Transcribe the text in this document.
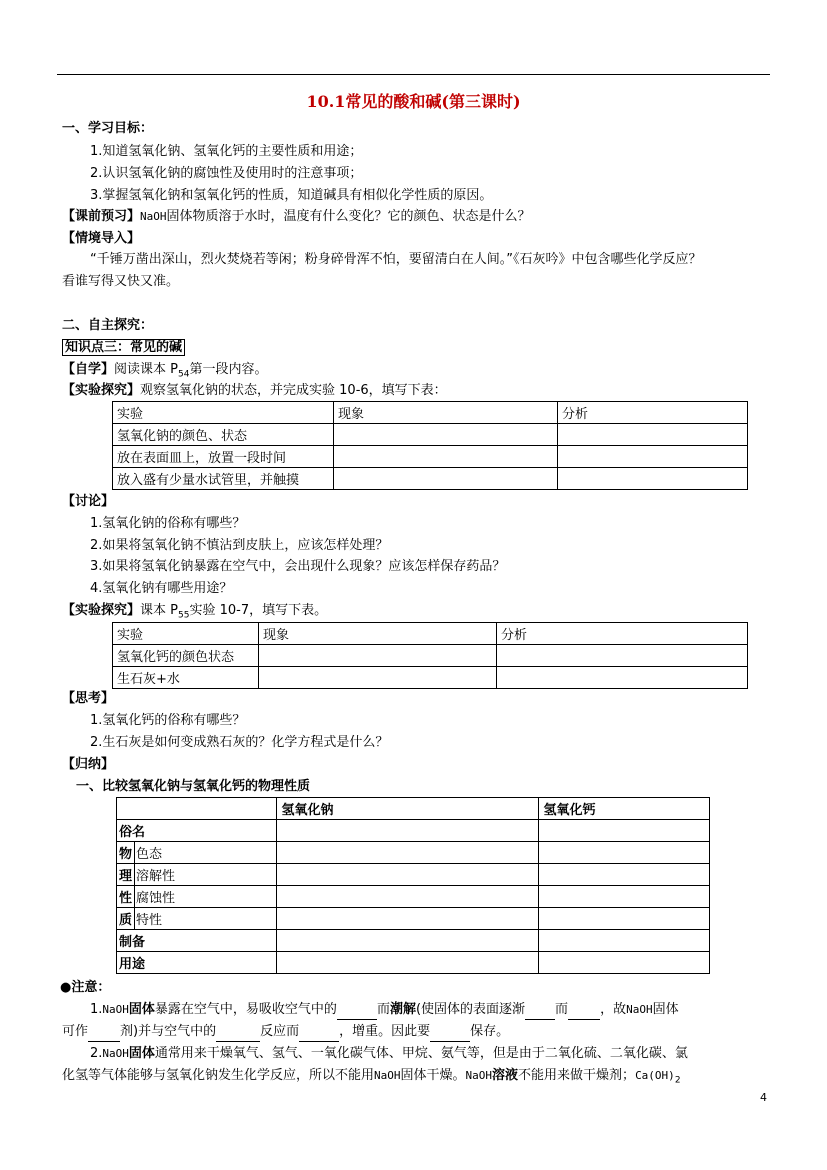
10.1常见的酸和碱(第三课时)
一、学习目标：
1.知道氢氧化钠、氢氧化钙的主要性质和用途；
2.认识氢氧化钠的腐蚀性及使用时的注意事项；
3.掌握氢氧化钠和氢氧化钙的性质，知道碱具有相似化学性质的原因。
【课前预习】NaOH固体物质溶于水时，温度有什么变化？它的颜色、状态是什么？
【情境导入】
“千锤万凿出深山，烈火焚烧若等闲；粉身碎骨浑不怕，要留清白在人间。”《石灰吟》中包含哪些化学反应？
看谁写得又快又准。
二、自主探究：
知识点三：常见的碱
【自学】阅读课本 $P_{54}$第一段内容。
【实验探究】观察氢氧化钠的状态，并完成实验 10-6，填写下表：
实验	现象	分析
氢氧化钠的颜色、状态		
放在表面皿上，放置一段时间		
放入盛有少量水试管里，并触摸		
【讨论】
1.氢氧化钠的俗称有哪些？
2.如果将氢氧化钠不慎沾到皮肤上，应该怎样处理？
3.如果将氢氧化钠暴露在空气中，会出现什么现象？应该怎样保存药品？
4.氢氧化钠有哪些用途？
【实验探究】课本 $P_{55}$实验 10-7，填写下表。
实验	现象	分析
氢氧化钙的颜色状态		
生石灰+水		
【思考】
1.氢氧化钙的俗称有哪些？
2.生石灰是如何变成熟石灰的？化学方程式是什么？
【归纳】
一、比较氢氧化钠与氢氧化钙的物理性质
		氢氧化钠	氢氧化钙
俗名			
物	色态		
理	溶解性		
性	腐蚀性		
质	特性		
制备			
用途			
●注意：
1.NaOH固体暴露在空气中，易吸收空气中的	而潮解(使固体的表面逐渐 而 ，故NaOH固体
可作 剂)并与空气中的	反应而	，增重。因此要	保存。
2.NaOH固体通常用来干燥氧气、氢气、一氧化碳气体、甲烷、氨气等，但是由于二氧化硫、二氧化碳、氯
化氢等气体能够与氢氧化钠发生化学反应，所以不能用NaOH固体干燥。NaOH溶液不能用来做干燥剂；$Ca(OH)_2$
4
